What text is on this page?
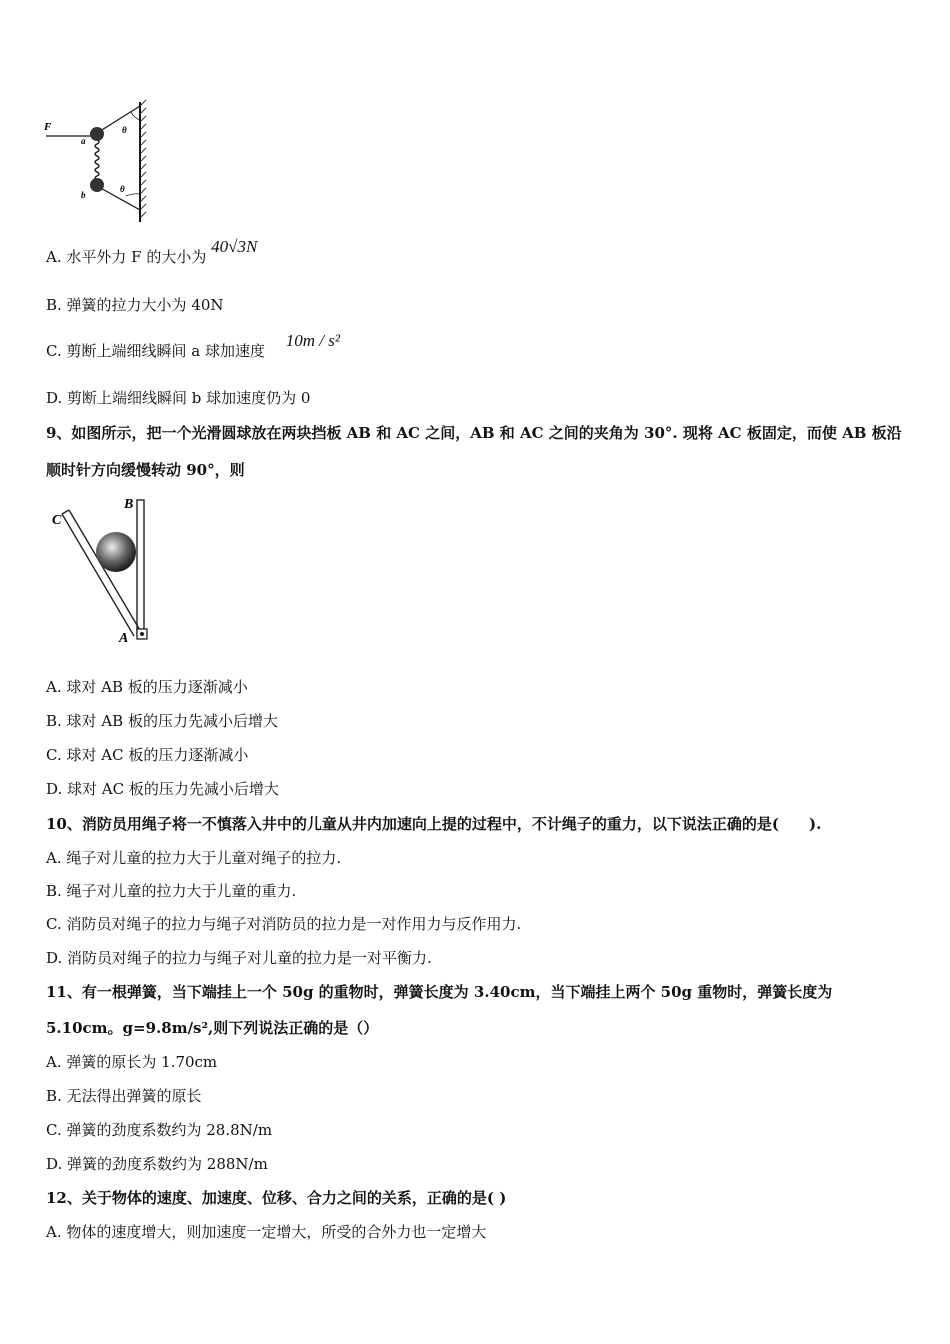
F
a
b
θ
θ
A. 水平外力 F 的大小为 40√3N
B. 弹簧的拉力大小为 40N
C. 剪断上端细线瞬间 a 球加速度 10m / s²
D. 剪断上端细线瞬间 b 球加速度仍为 0
9、如图所示，把一个光滑圆球放在两块挡板 AB 和 AC 之间，AB 和 AC 之间的夹角为 30°. 现将 AC 板固定，而使 AB 板沿
顺时针方向缓慢转动 90°，则
C
B
A
A. 球对 AB 板的压力逐渐减小
B. 球对 AB 板的压力先减小后增大
C. 球对 AC 板的压力逐渐减小
D. 球对 AC 板的压力先减小后增大
10、消防员用绳子将一不慎落入井中的儿童从井内加速向上提的过程中，不计绳子的重力，以下说法正确的是(　　).
A. 绳子对儿童的拉力大于儿童对绳子的拉力.
B. 绳子对儿童的拉力大于儿童的重力.
C. 消防员对绳子的拉力与绳子对消防员的拉力是一对作用力与反作用力.
D. 消防员对绳子的拉力与绳子对儿童的拉力是一对平衡力.
11、有一根弹簧，当下端挂上一个 50g 的重物时，弹簧长度为 3.40cm，当下端挂上两个 50g 重物时，弹簧长度为
5.10cm。g=9.8m/s²,则下列说法正确的是（）
A. 弹簧的原长为 1.70cm
B. 无法得出弹簧的原长
C. 弹簧的劲度系数约为 28.8N/m
D. 弹簧的劲度系数约为 288N/m
12、关于物体的速度、加速度、位移、合力之间的关系，正确的是( )
A. 物体的速度增大，则加速度一定增大，所受的合外力也一定增大
